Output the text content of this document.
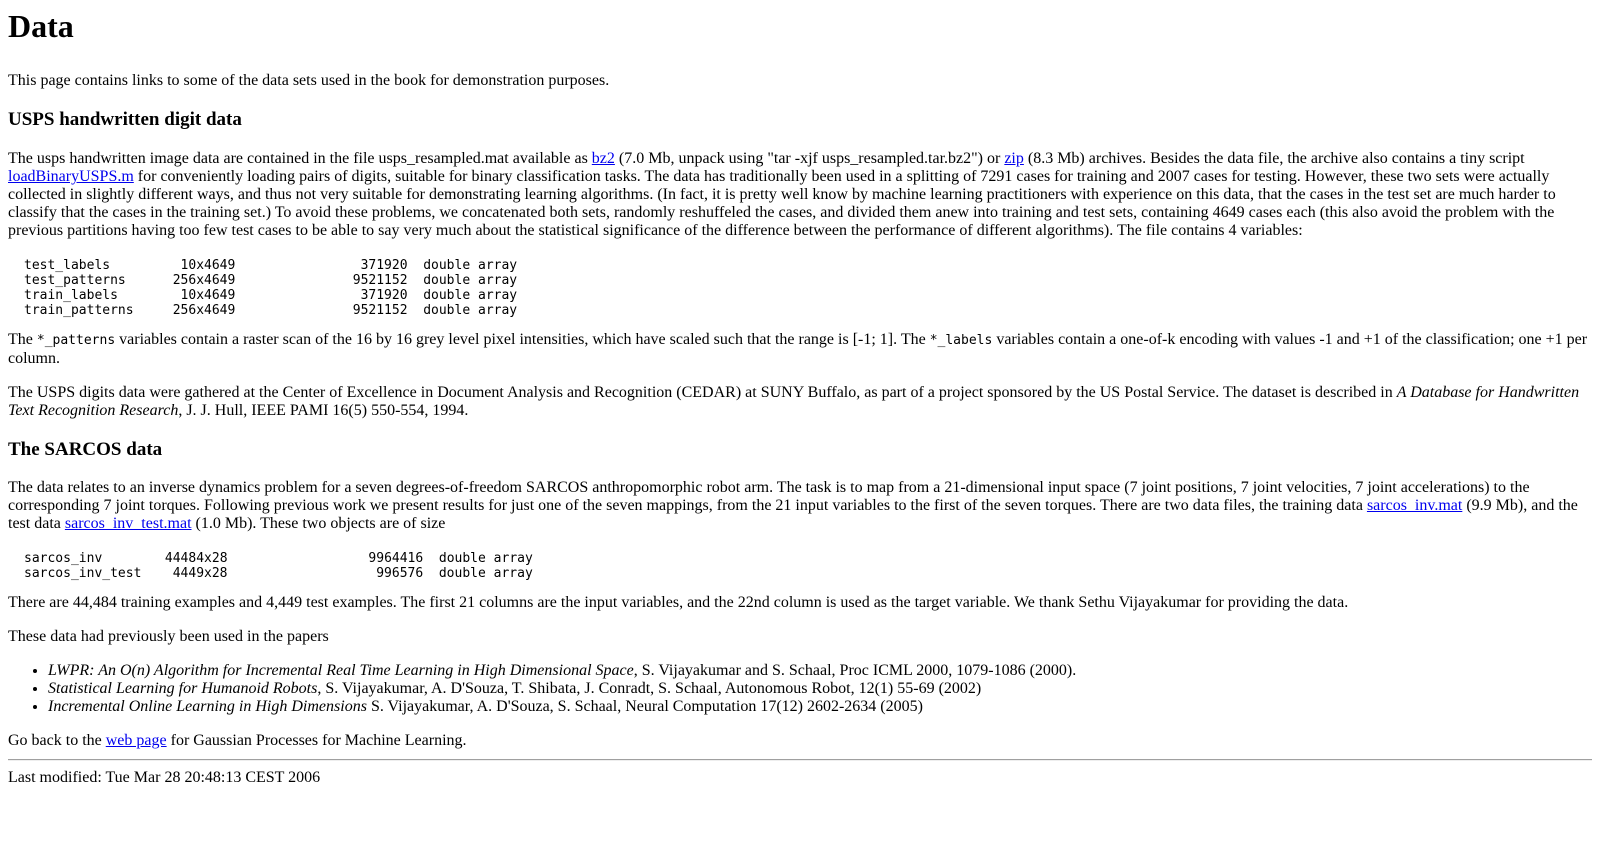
Data

This page contains links to some of the data sets used in the book for demonstration purposes.

USPS handwritten digit data

The usps handwritten image data are contained in the file usps_resampled.mat available as bz2 (7.0 Mb, unpack using "tar -xjf usps_resampled.tar.bz2") or zip (8.3 Mb) archives. Besides the data file, the archive also contains a tiny script loadBinaryUSPS.m for conveniently loading pairs of digits, suitable for binary classification tasks. The data has traditionally been used in a splitting of 7291 cases for training and 2007 cases for testing. However, these two sets were actually collected in slightly different ways, and thus not very suitable for demonstrating learning algorithms. (In fact, it is pretty well know by machine learning practitioners with experience on this data, that the cases in the test set are much harder to classify that the cases in the training set.) To avoid these problems, we concatenated both sets, randomly reshuffeled the cases, and divided them anew into training and test sets, containing 4649 cases each (this also avoid the problem with the previous partitions having too few test cases to be able to say very much about the statistical significance of the difference between the performance of different algorithms). The file contains 4 variables:

test_labels	10x4649	371920 double array
test_patterns	256x4649	9521152 double array
train_labels	10x4649	371920 double array
train_patterns	256x4649	9521152 double array

The *_patterns variables contain a raster scan of the 16 by 16 grey level pixel intensities, which have scaled such that the range is [-1; 1]. The *_labels variables contain a one-of-k encoding with values -1 and +1 of the classification; one +1 per column.

The USPS digits data were gathered at the Center of Excellence in Document Analysis and Recognition (CEDAR) at SUNY Buffalo, as part of a project sponsored by the US Postal Service. The dataset is described in A Database for Handwritten Text Recognition Research, J. J. Hull, IEEE PAMI 16(5) 550-554, 1994.

The SARCOS data

The data relates to an inverse dynamics problem for a seven degrees-of-freedom SARCOS anthropomorphic robot arm. The task is to map from a 21-dimensional input space (7 joint positions, 7 joint velocities, 7 joint accelerations) to the corresponding 7 joint torques. Following previous work we present results for just one of the seven mappings, from the 21 input variables to the first of the seven torques. There are two data files, the training data sarcos_inv.mat (9.9 Mb), and the test data sarcos_inv_test.mat (1.0 Mb). These two objects are of size

sarcos_inv	44484x28	9964416 double array
sarcos_inv_test 4449x28	996576 double array

There are 44,484 training examples and 4,449 test examples. The first 21 columns are the input variables, and the 22nd column is used as the target variable. We thank Sethu Vijayakumar for providing the data.

These data had previously been used in the papers

• LWPR: An O(n) Algorithm for Incremental Real Time Learning in High Dimensional Space, S. Vijayakumar and S. Schaal, Proc ICML 2000, 1079-1086 (2000).
• Statistical Learning for Humanoid Robots, S. Vijayakumar, A. D'Souza, T. Shibata, J. Conradt, S. Schaal, Autonomous Robot, 12(1) 55-69 (2002)
• Incremental Online Learning in High Dimensions S. Vijayakumar, A. D'Souza, S. Schaal, Neural Computation 17(12) 2602-2634 (2005)

Go back to the web page for Gaussian Processes for Machine Learning.

Last modified: Tue Mar 28 20:48:13 CEST 2006
